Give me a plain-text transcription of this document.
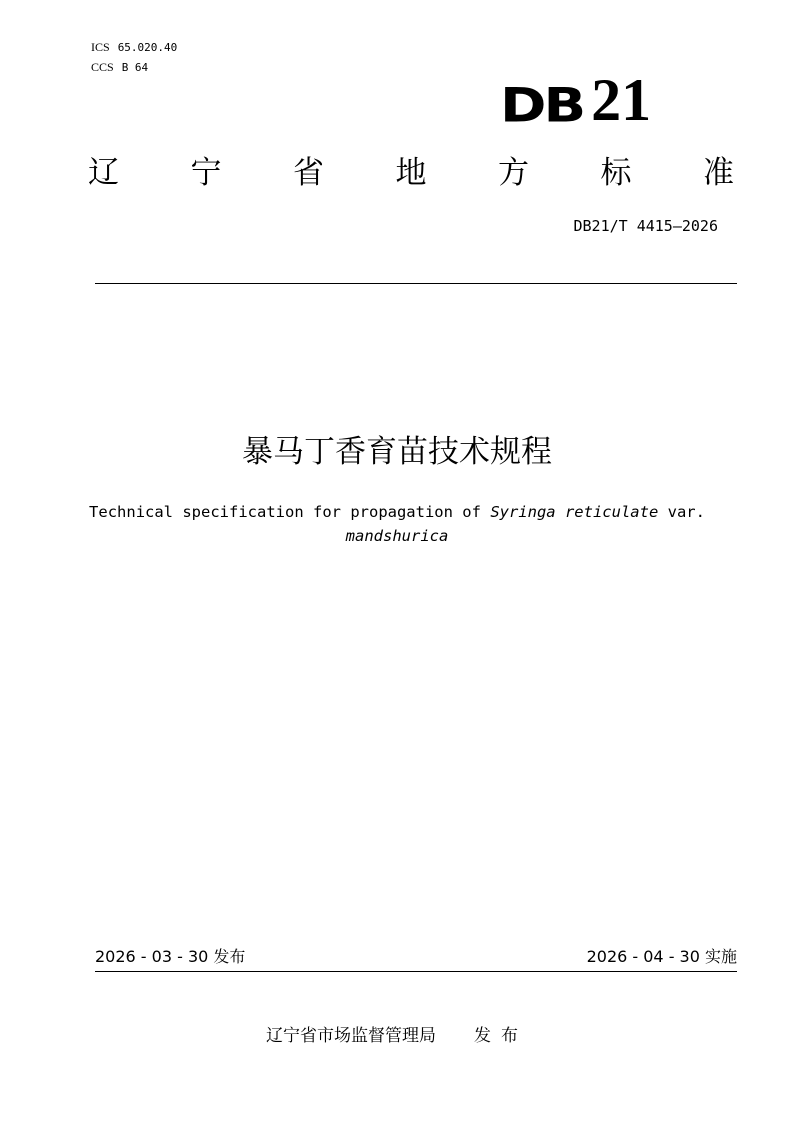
ICS 65.020.40
CCS B 64
DB 21
辽 宁 省 地 方 标 准
DB21/T 4415—2026
暴马丁香育苗技术规程
Technical specification for propagation of Syringa reticulate var.
mandshurica
2026 - 03 - 30 发布	2026 - 04 - 30 实施
辽宁省市场监督管理局 发布
